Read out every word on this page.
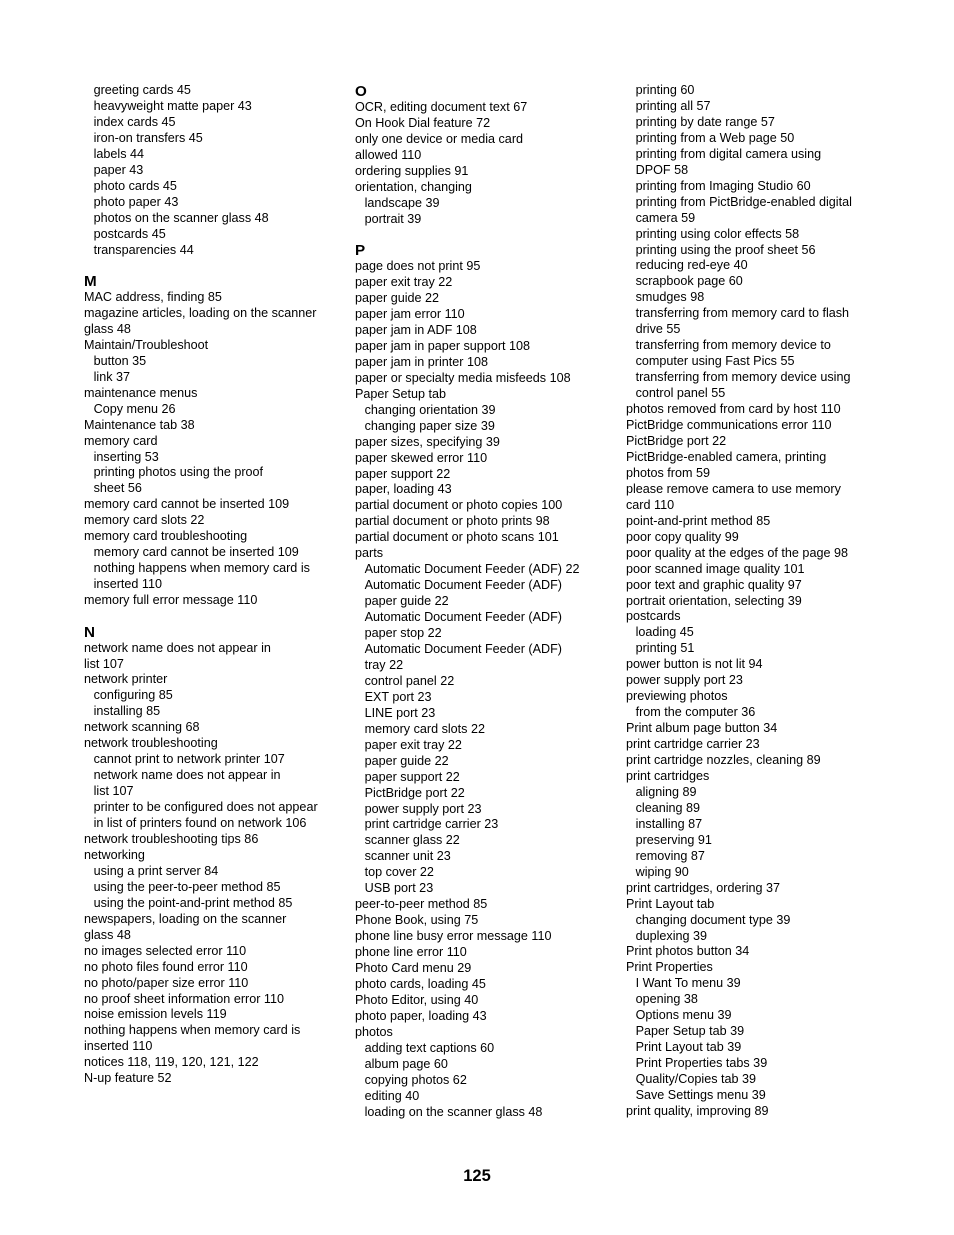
greeting cards 45
heavyweight matte paper 43
index cards 45
iron-on transfers 45
labels 44
paper 43
photo cards 45
photo paper 43
photos on the scanner glass 48
postcards 45
transparencies 44
M
MAC address, finding 85
magazine articles, loading on the scanner
glass 48
Maintain/Troubleshoot
button 35
link 37
maintenance menus
Copy menu 26
Maintenance tab 38
memory card
inserting 53
printing photos using the proof
sheet 56
memory card cannot be inserted 109
memory card slots 22
memory card troubleshooting
memory card cannot be inserted 109
nothing happens when memory card is
inserted 110
memory full error message 110
N
network name does not appear in
list 107
network printer
configuring 85
installing 85
network scanning 68
network troubleshooting
cannot print to network printer 107
network name does not appear in
list 107
printer to be configured does not appear
in list of printers found on network 106
network troubleshooting tips 86
networking
using a print server 84
using the peer-to-peer method 85
using the point-and-print method 85
newspapers, loading on the scanner
glass 48
no images selected error 110
no photo files found error 110
no photo/paper size error 110
no proof sheet information error 110
noise emission levels 119
nothing happens when memory card is
inserted 110
notices 118, 119, 120, 121, 122
N-up feature 52
O
OCR, editing document text 67
On Hook Dial feature 72
only one device or media card
allowed 110
ordering supplies 91
orientation, changing
landscape 39
portrait 39
P
page does not print 95
paper exit tray 22
paper guide 22
paper jam error 110
paper jam in ADF 108
paper jam in paper support 108
paper jam in printer 108
paper or specialty media misfeeds 108
Paper Setup tab
changing orientation 39
changing paper size 39
paper sizes, specifying 39
paper skewed error 110
paper support 22
paper, loading 43
partial document or photo copies 100
partial document or photo prints 98
partial document or photo scans 101
parts
Automatic Document Feeder (ADF) 22
Automatic Document Feeder (ADF)
paper guide 22
Automatic Document Feeder (ADF)
paper stop 22
Automatic Document Feeder (ADF)
tray 22
control panel 22
EXT port 23
LINE port 23
memory card slots 22
paper exit tray 22
paper guide 22
paper support 22
PictBridge port 22
power supply port 23
print cartridge carrier 23
scanner glass 22
scanner unit 23
top cover 22
USB port 23
peer-to-peer method 85
Phone Book, using 75
phone line busy error message 110
phone line error 110
Photo Card menu 29
photo cards, loading 45
Photo Editor, using 40
photo paper, loading 43
photos
adding text captions 60
album page 60
copying photos 62
editing 40
loading on the scanner glass 48
printing 60
printing all 57
printing by date range 57
printing from a Web page 50
printing from digital camera using
DPOF 58
printing from Imaging Studio 60
printing from PictBridge-enabled digital
camera 59
printing using color effects 58
printing using the proof sheet 56
reducing red-eye 40
scrapbook page 60
smudges 98
transferring from memory card to flash
drive 55
transferring from memory device to
computer using Fast Pics 55
transferring from memory device using
control panel 55
photos removed from card by host 110
PictBridge communications error 110
PictBridge port 22
PictBridge-enabled camera, printing
photos from 59
please remove camera to use memory
card 110
point-and-print method 85
poor copy quality 99
poor quality at the edges of the page 98
poor scanned image quality 101
poor text and graphic quality 97
portrait orientation, selecting 39
postcards
loading 45
printing 51
power button is not lit 94
power supply port 23
previewing photos
from the computer 36
Print album page button 34
print cartridge carrier 23
print cartridge nozzles, cleaning 89
print cartridges
aligning 89
cleaning 89
installing 87
preserving 91
removing 87
wiping 90
print cartridges, ordering 37
Print Layout tab
changing document type 39
duplexing 39
Print photos button 34
Print Properties
I Want To menu 39
opening 38
Options menu 39
Paper Setup tab 39
Print Layout tab 39
Print Properties tabs 39
Quality/Copies tab 39
Save Settings menu 39
print quality, improving 89
125
